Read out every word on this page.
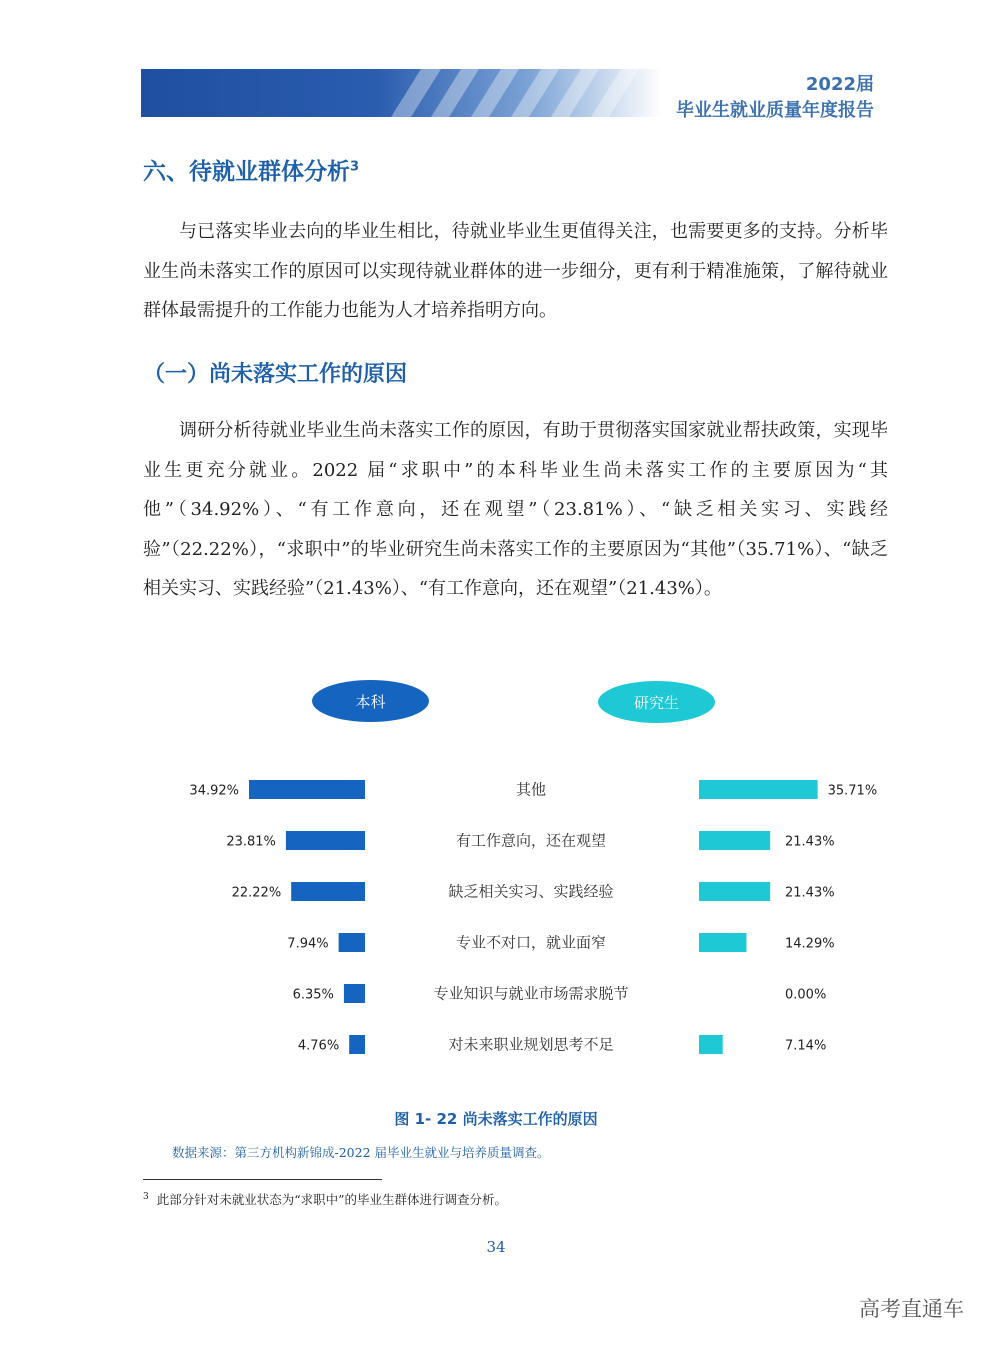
2022届
毕业生就业质量年度报告
六、待就业群体分析$^3$

与已落实毕业去向的毕业生相比，待就业毕业生更值得关注，也需要更多的支持。分析毕业生尚未落实工作的原因可以实现待就业群体的进一步细分，更有利于精准施策，了解待就业群体最需提升的工作能力也能为人才培养指明方向。

（一）尚未落实工作的原因

调研分析待就业毕业生尚未落实工作的原因，有助于贯彻落实国家就业帮扶政策，实现毕业生更充分就业。2022 届“求职中”的本科毕业生尚未落实工作的主要原因为“其他”（34.92%）、“有工作意向，还在观望”（23.81%）、“缺乏相关实习、实践经验”（22.22%），“求职中”的毕业研究生尚未落实工作的主要原因为“其他”（35.71%）、“缺乏相关实习、实践经验”（21.43%）、“有工作意向，还在观望”（21.43%）。

本科	研究生
34.92%	其他	35.71%
23.81%	有工作意向，还在观望	21.43%
22.22%	缺乏相关实习、实践经验	21.43%
7.94%	专业不对口，就业面窄	14.29%
6.35%	专业知识与就业市场需求脱节	0.00%
4.76%	对未来职业规划思考不足	7.14%
图 1- 22 尚未落实工作的原因
数据来源：第三方机构新锦成-2022 届毕业生就业与培养质量调查。
$^3$ 此部分针对未就业状态为“求职中”的毕业生群体进行调查分析。
34
高考直通车
